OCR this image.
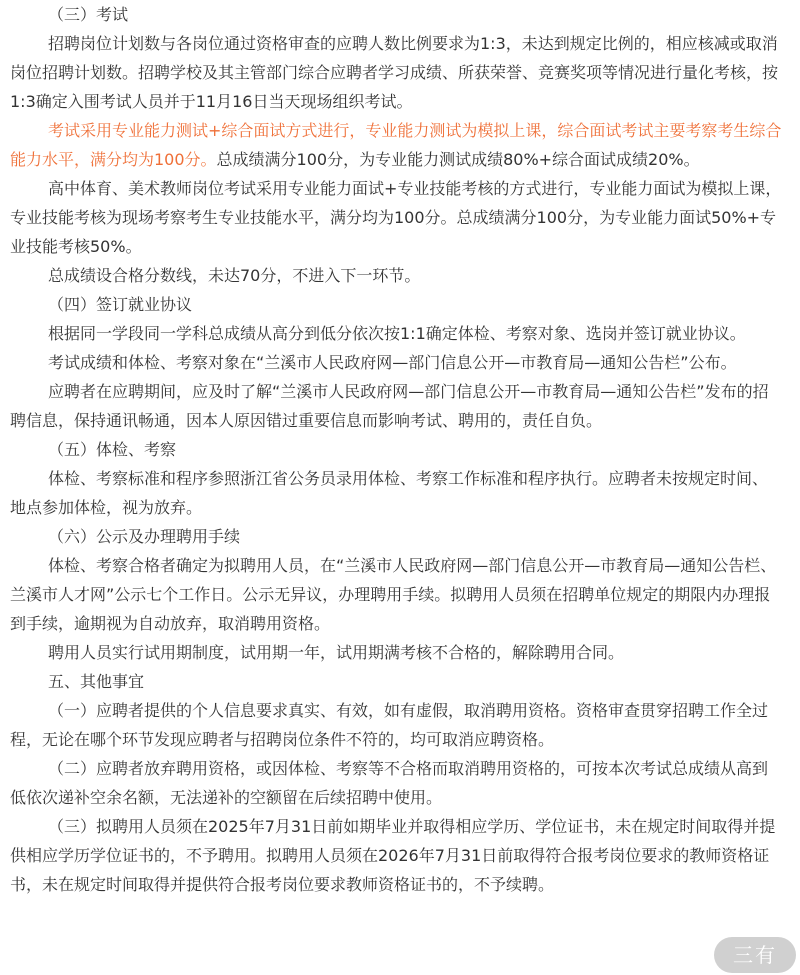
（三）考试

招聘岗位计划数与各岗位通过资格审查的应聘人数比例要求为1:3，未达到规定比例的，相应核减或取消岗位招聘计划数。招聘学校及其主管部门综合应聘者学习成绩、所获荣誉、竞赛奖项等情况进行量化考核，按1:3确定入围考试人员并于11月16日当天现场组织考试。

考试采用专业能力测试+综合面试方式进行，专业能力测试为模拟上课，综合面试考试主要考察考生综合能力水平，满分均为100分。总成绩满分100分，为专业能力测试成绩80%+综合面试成绩20%。

高中体育、美术教师岗位考试采用专业能力面试+专业技能考核的方式进行，专业能力面试为模拟上课，专业技能考核为现场考察考生专业技能水平，满分均为100分。总成绩满分100分，为专业能力面试50%+专业技能考核50%。

总成绩设合格分数线，未达70分，不进入下一环节。

（四）签订就业协议

根据同一学段同一学科总成绩从高分到低分依次按1:1确定体检、考察对象、选岗并签订就业协议。

考试成绩和体检、考察对象在“兰溪市人民政府网—部门信息公开—市教育局—通知公告栏”公布。

应聘者在应聘期间，应及时了解“兰溪市人民政府网—部门信息公开—市教育局—通知公告栏”发布的招聘信息，保持通讯畅通，因本人原因错过重要信息而影响考试、聘用的，责任自负。

（五）体检、考察

体检、考察标准和程序参照浙江省公务员录用体检、考察工作标准和程序执行。应聘者未按规定时间、地点参加体检，视为放弃。

（六）公示及办理聘用手续

体检、考察合格者确定为拟聘用人员，在“兰溪市人民政府网—部门信息公开—市教育局—通知公告栏、兰溪市人才网”公示七个工作日。公示无异议，办理聘用手续。拟聘用人员须在招聘单位规定的期限内办理报到手续，逾期视为自动放弃，取消聘用资格。

聘用人员实行试用期制度，试用期一年，试用期满考核不合格的，解除聘用合同。

五、其他事宜

（一）应聘者提供的个人信息要求真实、有效，如有虚假，取消聘用资格。资格审查贯穿招聘工作全过程，无论在哪个环节发现应聘者与招聘岗位条件不符的，均可取消应聘资格。

（二）应聘者放弃聘用资格，或因体检、考察等不合格而取消聘用资格的，可按本次考试总成绩从高到低依次递补空余名额，无法递补的空额留在后续招聘中使用。

（三）拟聘用人员须在2025年7月31日前如期毕业并取得相应学历、学位证书，未在规定时间取得并提供相应学历学位证书的，不予聘用。拟聘用人员须在2026年7月31日前取得符合报考岗位要求的教师资格证书，未在规定时间取得并提供符合报考岗位要求教师资格证书的，不予续聘。

三有
